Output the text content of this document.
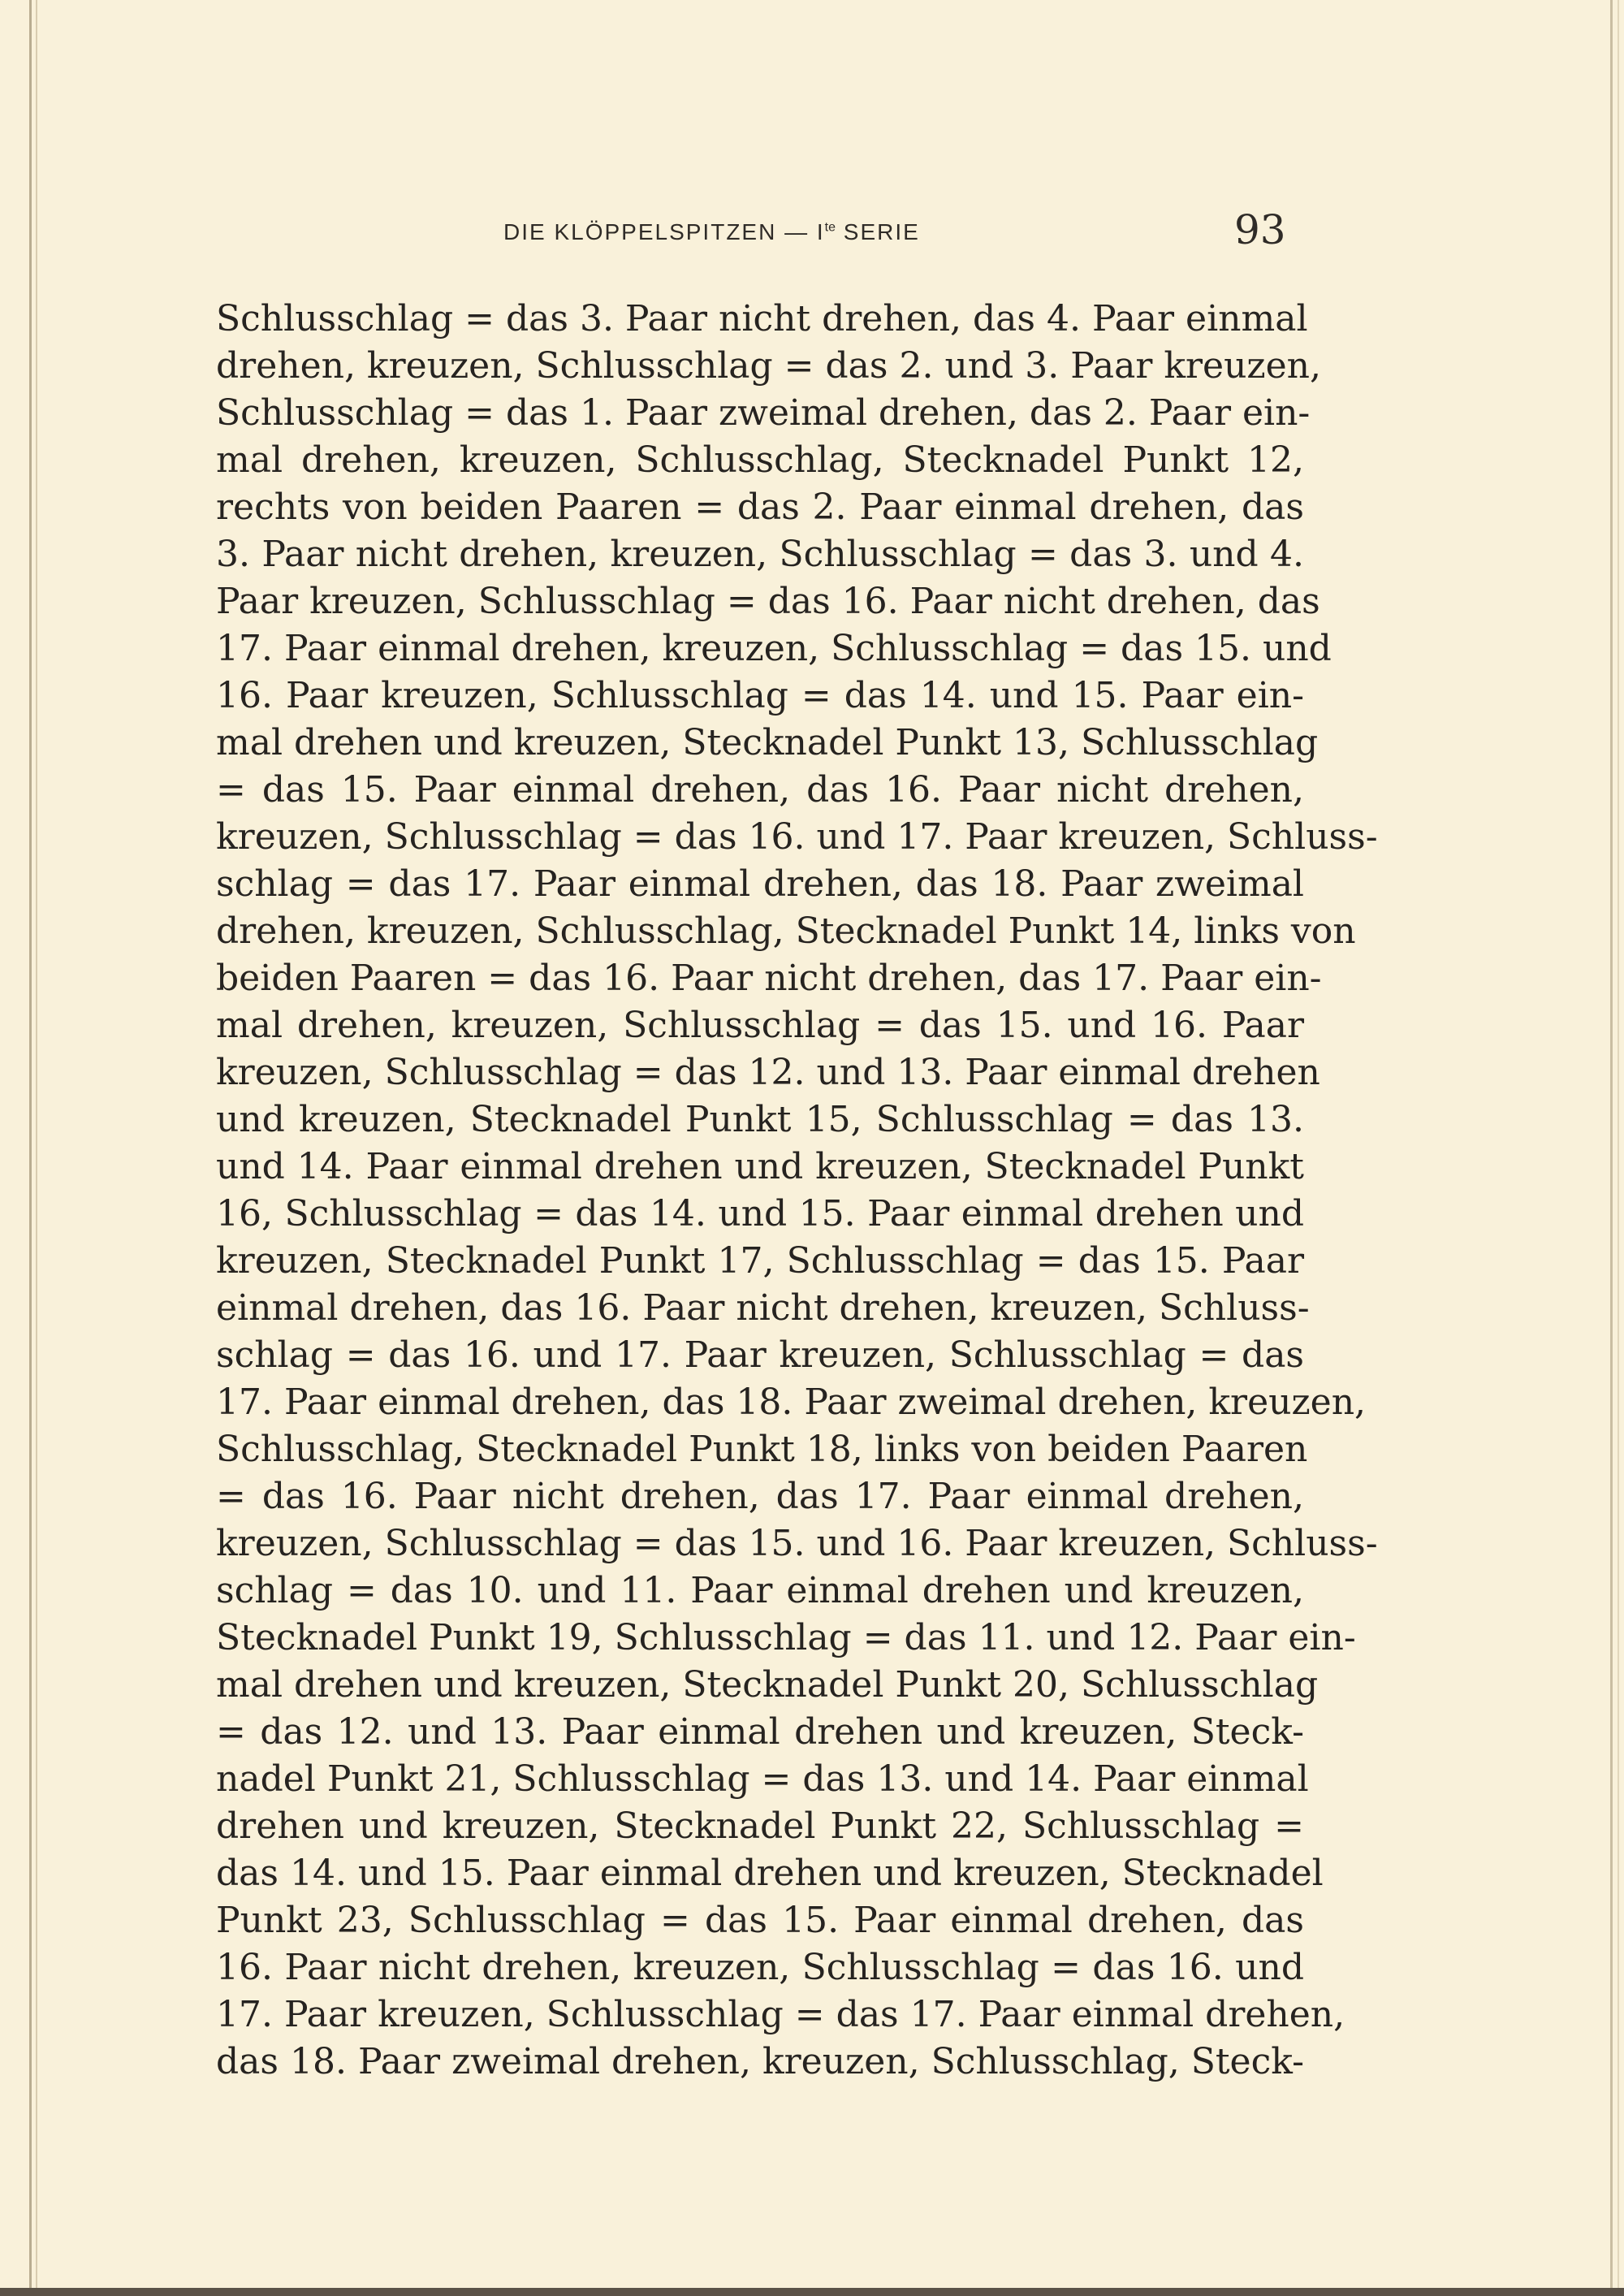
DIE KLÖPPELSPITZEN — $I^{te}$ SERIE	93
Schlusschlag = das 3. Paar nicht drehen, das 4. Paar einmal
drehen, kreuzen, Schlusschlag = das 2. und 3. Paar kreuzen,
Schlusschlag = das 1. Paar zweimal drehen, das 2. Paar ein-
mal drehen, kreuzen, Schlusschlag, Stecknadel Punkt 12,
rechts von beiden Paaren = das 2. Paar einmal drehen, das
3. Paar nicht drehen, kreuzen, Schlusschlag = das 3. und 4.
Paar kreuzen, Schlusschlag = das 16. Paar nicht drehen, das
17. Paar einmal drehen, kreuzen, Schlusschlag = das 15. und
16. Paar kreuzen, Schlusschlag = das 14. und 15. Paar ein-
mal drehen und kreuzen, Stecknadel Punkt 13, Schlusschlag
= das 15. Paar einmal drehen, das 16. Paar nicht drehen,
kreuzen, Schlusschlag = das 16. und 17. Paar kreuzen, Schluss-
schlag = das 17. Paar einmal drehen, das 18. Paar zweimal
drehen, kreuzen, Schlusschlag, Stecknadel Punkt 14, links von
beiden Paaren = das 16. Paar nicht drehen, das 17. Paar ein-
mal drehen, kreuzen, Schlusschlag = das 15. und 16. Paar
kreuzen, Schlusschlag = das 12. und 13. Paar einmal drehen
und kreuzen, Stecknadel Punkt 15, Schlusschlag = das 13.
und 14. Paar einmal drehen und kreuzen, Stecknadel Punkt
16, Schlusschlag = das 14. und 15. Paar einmal drehen und
kreuzen, Stecknadel Punkt 17, Schlusschlag = das 15. Paar
einmal drehen, das 16. Paar nicht drehen, kreuzen, Schluss-
schlag = das 16. und 17. Paar kreuzen, Schlusschlag = das
17. Paar einmal drehen, das 18. Paar zweimal drehen, kreuzen,
Schlusschlag, Stecknadel Punkt 18, links von beiden Paaren
= das 16. Paar nicht drehen, das 17. Paar einmal drehen,
kreuzen, Schlusschlag = das 15. und 16. Paar kreuzen, Schluss-
schlag = das 10. und 11. Paar einmal drehen und kreuzen,
Stecknadel Punkt 19, Schlusschlag = das 11. und 12. Paar ein-
mal drehen und kreuzen, Stecknadel Punkt 20, Schlusschlag
= das 12. und 13. Paar einmal drehen und kreuzen, Steck-
nadel Punkt 21, Schlusschlag = das 13. und 14. Paar einmal
drehen und kreuzen, Stecknadel Punkt 22, Schlusschlag =
das 14. und 15. Paar einmal drehen und kreuzen, Stecknadel
Punkt 23, Schlusschlag = das 15. Paar einmal drehen, das
16. Paar nicht drehen, kreuzen, Schlusschlag = das 16. und
17. Paar kreuzen, Schlusschlag = das 17. Paar einmal drehen,
das 18. Paar zweimal drehen, kreuzen, Schlusschlag, Steck-
